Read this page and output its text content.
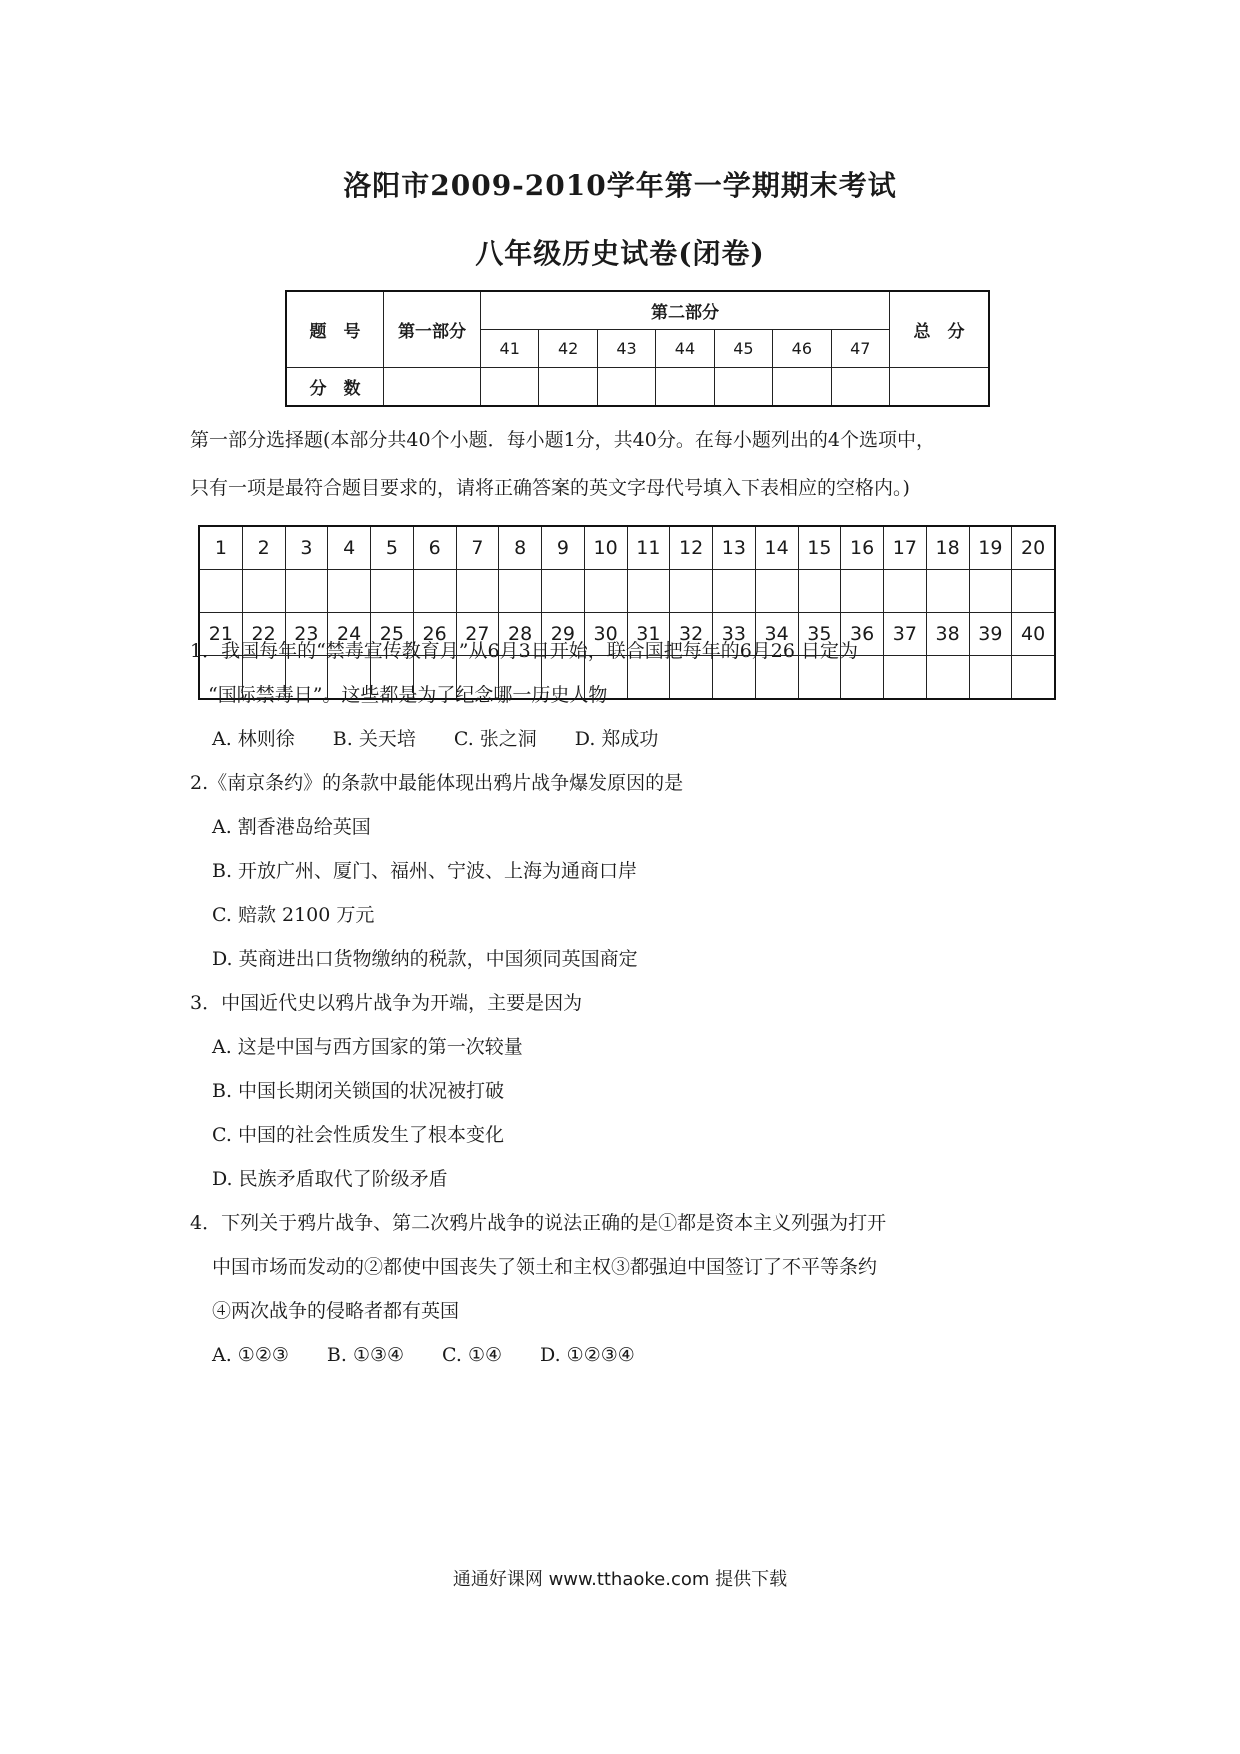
洛阳市2009-2010学年第一学期期末考试
八年级历史试卷(闭卷)
题　号	第一部分	第二部分							总　分
		41	42	43	44	45	46	47	
分　数									
第一部分选择题(本部分共40个小题．每小题1分，共40分。在每小题列出的4个选项中，
只有一项是最符合题目要求的，请将正确答案的英文字母代号填入下表相应的空格内。)
1	2	3	4	5	6	7	8	9	10	11	12	13	14	15	16	17	18	19	20

21	22	23	24	25	26	27	28	29	30	31	32	33	34	35	36	37	38	39	40

1．我国每年的“禁毒宣传教育月”从6月3日开始，联合国把每年的6月26 日定为
“国际禁毒日”。这些都是为了纪念哪一历史人物
A. 林则徐　　B. 关天培　　C. 张之洞　　D. 郑成功
2.《南京条约》的条款中最能体现出鸦片战争爆发原因的是
A. 割香港岛给英国
B. 开放广州、厦门、福州、宁波、上海为通商口岸
C. 赔款 2100 万元
D. 英商进出口货物缴纳的税款，中国须同英国商定
3．中国近代史以鸦片战争为开端，主要是因为
A. 这是中国与西方国家的第一次较量
B. 中国长期闭关锁国的状况被打破
C. 中国的社会性质发生了根本变化
D. 民族矛盾取代了阶级矛盾
4．下列关于鸦片战争、第二次鸦片战争的说法正确的是①都是资本主义列强为打开
中国市场而发动的②都使中国丧失了领土和主权③都强迫中国签订了不平等条约
④两次战争的侵略者都有英国
A. ①②③　　B. ①③④　　C. ①④　　D. ①②③④
通通好课网 www.tthaoke.com 提供下载
